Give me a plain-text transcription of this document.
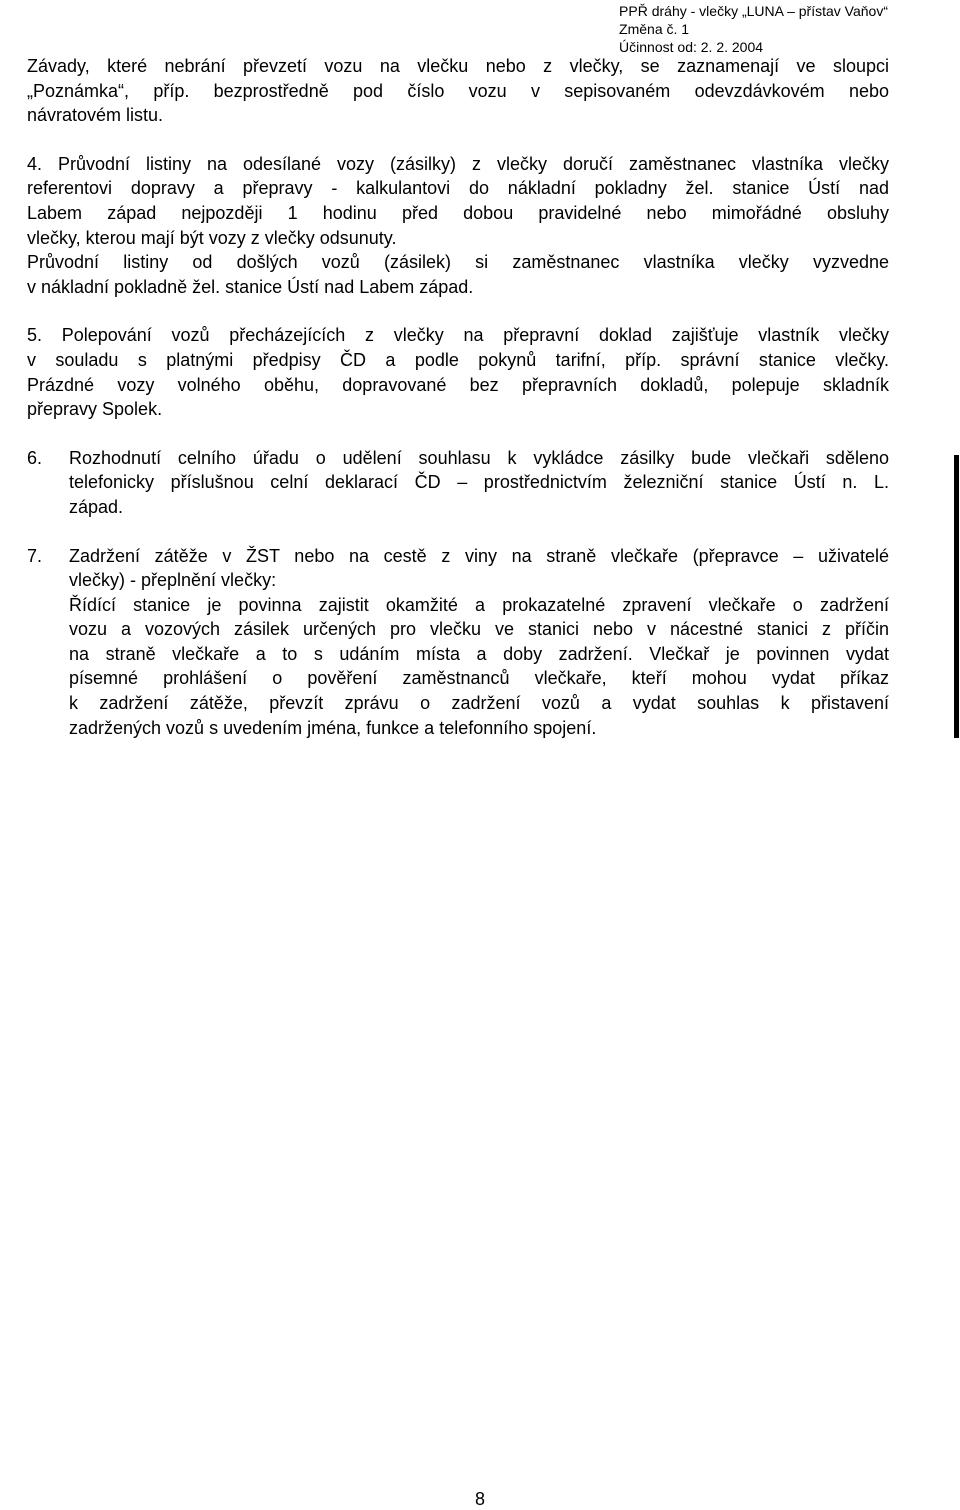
PPŘ dráhy - vlečky „LUNA – přístav Vaňov“
Změna č. 1
Účinnost od: 2. 2. 2004

Závady, které nebrání převzetí vozu na vlečku nebo z vlečky, se zaznamenají ve sloupci
„Poznámka“, příp. bezprostředně pod číslo vozu v sepisovaném odevzdávkovém nebo
návratovém listu.

4. Průvodní listiny na odesílané vozy (zásilky) z vlečky doručí zaměstnanec vlastníka vlečky
referentovi dopravy a přepravy - kalkulantovi do nákladní pokladny žel. stanice Ústí nad
Labem západ nejpozději 1 hodinu před dobou pravidelné nebo mimořádné obsluhy
vlečky, kterou mají být vozy z vlečky odsunuty.
Průvodní listiny od došlých vozů (zásilek) si zaměstnanec vlastníka vlečky vyzvedne
v nákladní pokladně žel. stanice Ústí nad Labem západ.

5. Polepování vozů přecházejících z vlečky na přepravní doklad zajišťuje vlastník vlečky
v souladu s platnými předpisy ČD a podle pokynů tarifní, příp. správní stanice vlečky.
Prázdné vozy volného oběhu, dopravované bez přepravních dokladů, polepuje skladník
přepravy Spolek.

6.	Rozhodnutí celního úřadu o udělení souhlasu k vykládce zásilky bude vlečkaři sděleno
telefonicky příslušnou celní deklarací ČD – prostřednictvím železniční stanice Ústí n. L.
západ.

7.	Zadržení zátěže v ŽST nebo na cestě z viny na straně vlečkaře (přepravce – uživatelé
vlečky) - přeplnění vlečky:
Řídící stanice je povinna zajistit okamžité a prokazatelné zpravení vlečkaře o zadržení
vozu a vozových zásilek určených pro vlečku ve stanici nebo v nácestné stanici z příčin
na straně vlečkaře a to s udáním místa a doby zadržení. Vlečkař je povinnen vydat
písemné prohlášení o pověření zaměstnanců vlečkaře, kteří mohou vydat příkaz
k zadržení zátěže, převzít zprávu o zadržení vozů a vydat souhlas k přistavení
zadržených vozů s uvedením jména, funkce a telefonního spojení.

8
